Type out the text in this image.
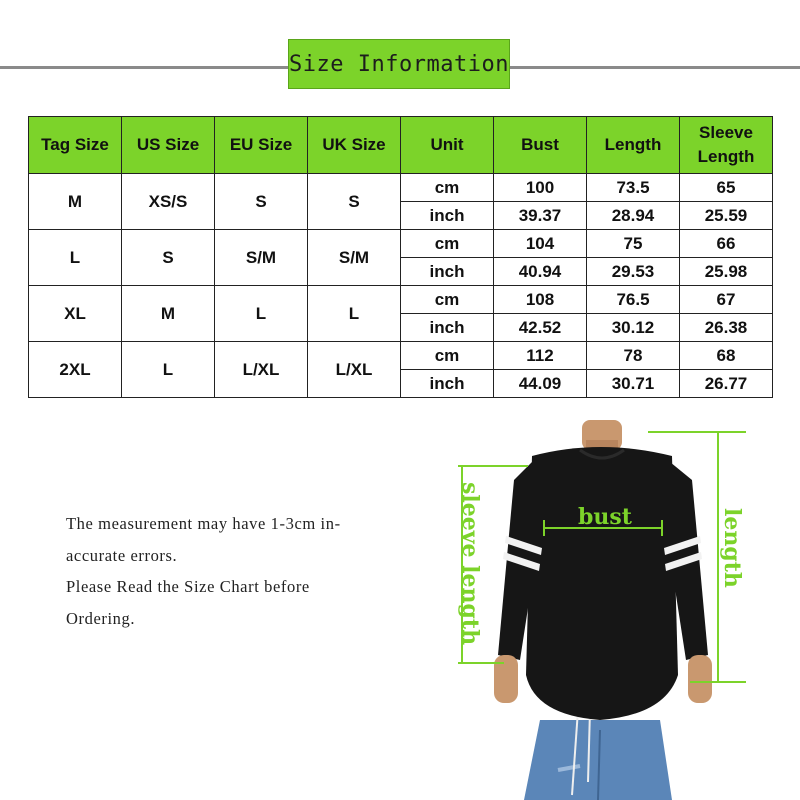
Size Information
Tag Size	US Size	EU Size	UK Size	Unit	Bust	Length	Sleeve
Length
M	XS/S	S	S	cm	100	73.5	65
				inch	39.37	28.94	25.59
L	S	S/M	S/M	cm	104	75	66
				inch	40.94	29.53	25.98
XL	M	L	L	cm	108	76.5	67
				inch	42.52	30.12	26.38
2XL	L	L/XL	L/XL	cm	112	78	68
				inch	44.09	30.71	26.77

The measurement may have 1-3cm in-

accurate errors.

Please Read the Size Chart before

Ordering.

bust
sleeve length	length
